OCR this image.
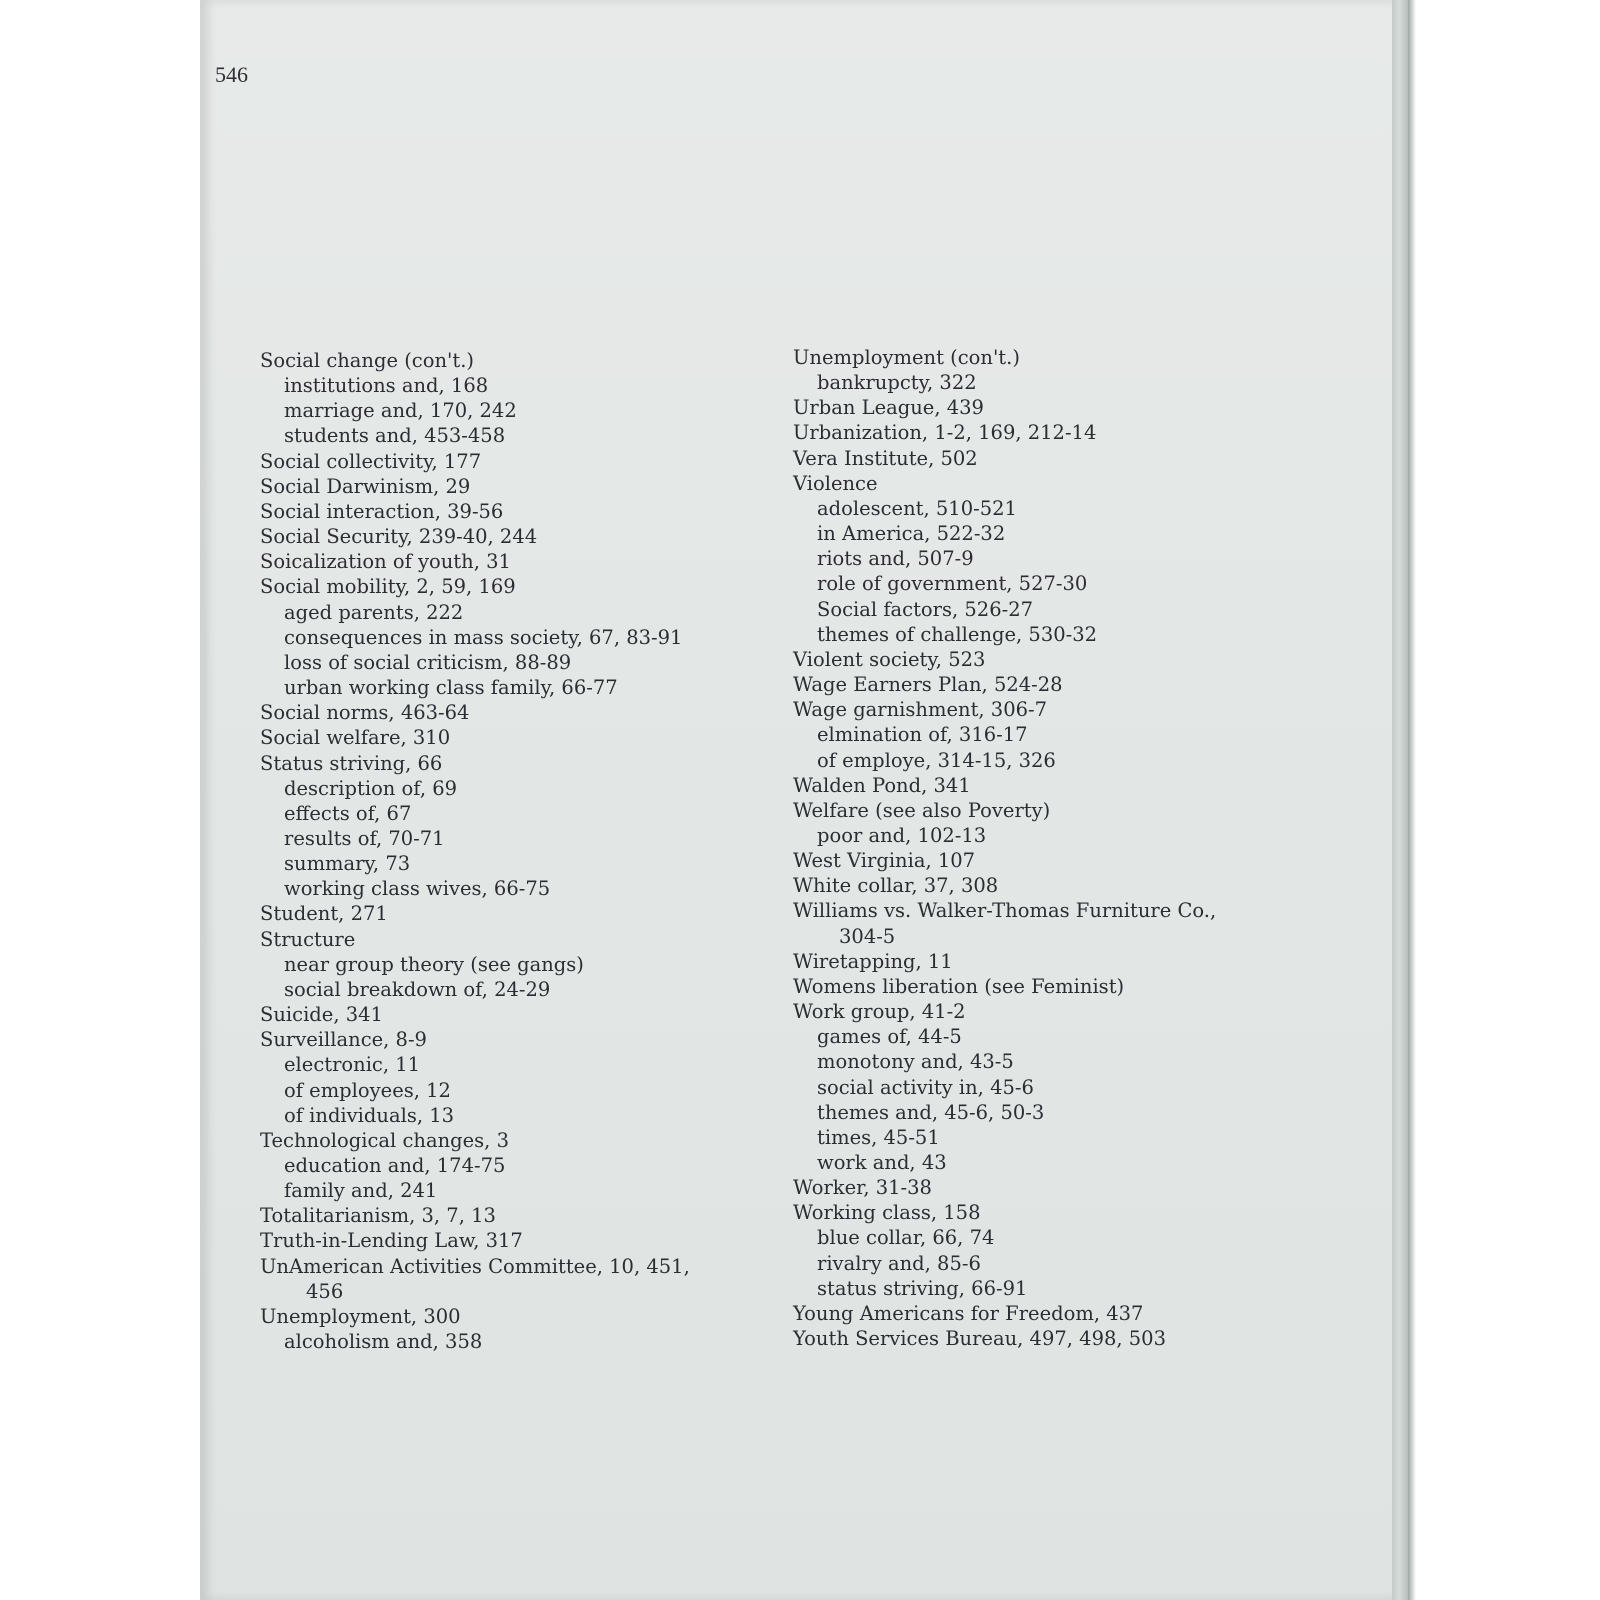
546

Social change (con't.)
institutions and, 168
marriage and, 170, 242
students and, 453-458
Social collectivity, 177
Social Darwinism, 29
Social interaction, 39-56
Social Security, 239-40, 244
Soicalization of youth, 31
Social mobility, 2, 59, 169
aged parents, 222
consequences in mass society, 67, 83-91
loss of social criticism, 88-89
urban working class family, 66-77
Social norms, 463-64
Social welfare, 310
Status striving, 66
description of, 69
effects of, 67
results of, 70-71
summary, 73
working class wives, 66-75
Student, 271
Structure
near group theory (see gangs)
social breakdown of, 24-29
Suicide, 341
Surveillance, 8-9
electronic, 11
of employees, 12
of individuals, 13
Technological changes, 3
education and, 174-75
family and, 241
Totalitarianism, 3, 7, 13
Truth-in-Lending Law, 317
UnAmerican Activities Committee, 10, 451,
456
Unemployment, 300
alcoholism and, 358
Unemployment (con't.)
bankrupcty, 322
Urban League, 439
Urbanization, 1-2, 169, 212-14
Vera Institute, 502
Violence
adolescent, 510-521
in America, 522-32
riots and, 507-9
role of government, 527-30
Social factors, 526-27
themes of challenge, 530-32
Violent society, 523
Wage Earners Plan, 524-28
Wage garnishment, 306-7
elmination of, 316-17
of employe, 314-15, 326
Walden Pond, 341
Welfare (see also Poverty)
poor and, 102-13
West Virginia, 107
White collar, 37, 308
Williams vs. Walker-Thomas Furniture Co.,
304-5
Wiretapping, 11
Womens liberation (see Feminist)
Work group, 41-2
games of, 44-5
monotony and, 43-5
social activity in, 45-6
themes and, 45-6, 50-3
times, 45-51
work and, 43
Worker, 31-38
Working class, 158
blue collar, 66, 74
rivalry and, 85-6
status striving, 66-91
Young Americans for Freedom, 437
Youth Services Bureau, 497, 498, 503
